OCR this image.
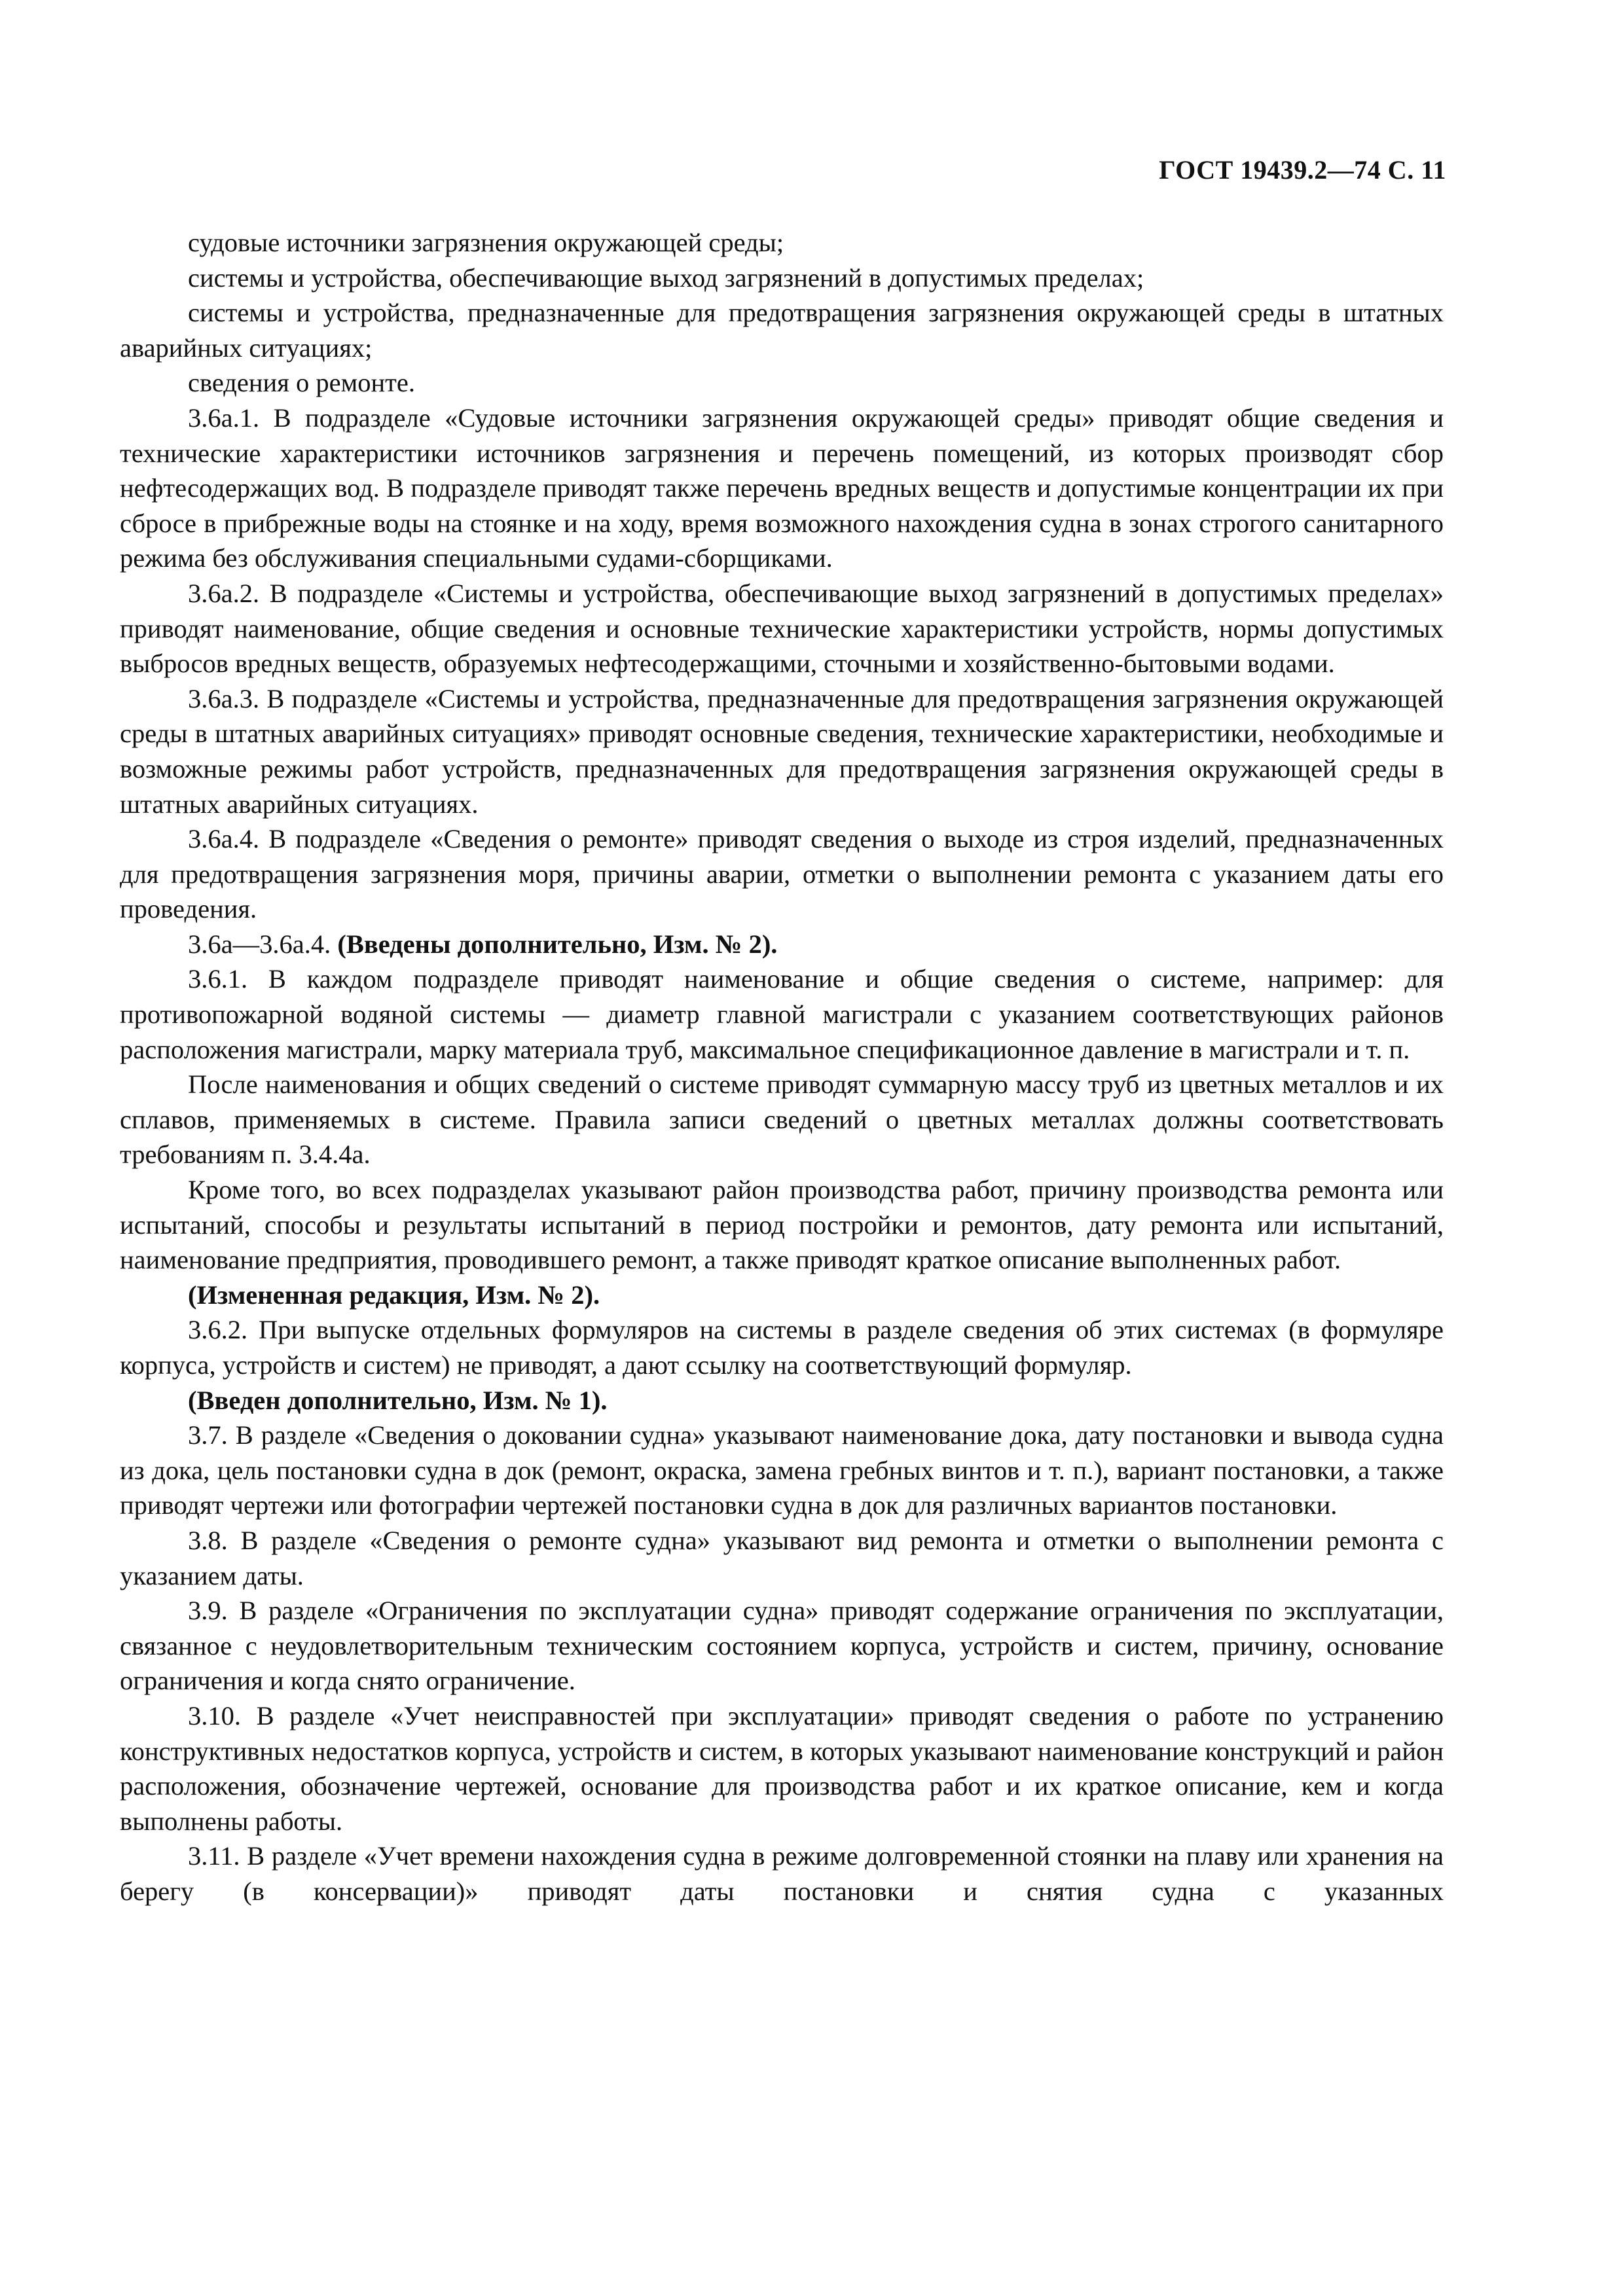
ГОСТ 19439.2—74 С. 11

судовые источники загрязнения окружающей среды;

системы и устройства, обеспечивающие выход загрязнений в допустимых пределах;

системы и устройства, предназначенные для предотвращения загрязнения окружающей среды в штатных аварийных ситуациях;

сведения о ремонте.

3.6а.1. В подразделе «Судовые источники загрязнения окружающей среды» приводят общие сведения и технические характеристики источников загрязнения и перечень помещений, из которых производят сбор нефтесодержащих вод. В подразделе приводят также перечень вредных веществ и допустимые концентрации их при сбросе в прибрежные воды на стоянке и на ходу, время возможного нахождения судна в зонах строгого санитарного режима без обслуживания специальными судами-сборщиками.

3.6а.2. В подразделе «Системы и устройства, обеспечивающие выход загрязнений в допустимых пределах» приводят наименование, общие сведения и основные технические характеристики устройств, нормы допустимых выбросов вредных веществ, образуемых нефтесодержащими, сточными и хозяйственно-бытовыми водами.

3.6а.3. В подразделе «Системы и устройства, предназначенные для предотвращения загрязнения окружающей среды в штатных аварийных ситуациях» приводят основные сведения, технические характеристики, необходимые и возможные режимы работ устройств, предназначенных для предотвращения загрязнения окружающей среды в штатных аварийных ситуациях.

3.6а.4. В подразделе «Сведения о ремонте» приводят сведения о выходе из строя изделий, предназначенных для предотвращения загрязнения моря, причины аварии, отметки о выполнении ремонта с указанием даты его проведения.

3.6а—3.6а.4. (Введены дополнительно, Изм. № 2).

3.6.1. В каждом подразделе приводят наименование и общие сведения о системе, например: для противопожарной водяной системы — диаметр главной магистрали с указанием соответствующих районов расположения магистрали, марку материала труб, максимальное спецификационное давление в магистрали и т. п.

После наименования и общих сведений о системе приводят суммарную массу труб из цветных металлов и их сплавов, применяемых в системе. Правила записи сведений о цветных металлах должны соответствовать требованиям п. 3.4.4а.

Кроме того, во всех подразделах указывают район производства работ, причину производства ремонта или испытаний, способы и результаты испытаний в период постройки и ремонтов, дату ремонта или испытаний, наименование предприятия, проводившего ремонт, а также приводят краткое описание выполненных работ.

(Измененная редакция, Изм. № 2).

3.6.2. При выпуске отдельных формуляров на системы в разделе сведения об этих системах (в формуляре корпуса, устройств и систем) не приводят, а дают ссылку на соответствующий формуляр.

(Введен дополнительно, Изм. № 1).

3.7. В разделе «Сведения о доковании судна» указывают наименование дока, дату постановки и вывода судна из дока, цель постановки судна в док (ремонт, окраска, замена гребных винтов и т. п.), вариант постановки, а также приводят чертежи или фотографии чертежей постановки судна в док для различных вариантов постановки.

3.8. В разделе «Сведения о ремонте судна» указывают вид ремонта и отметки о выполнении ремонта с указанием даты.

3.9. В разделе «Ограничения по эксплуатации судна» приводят содержание ограничения по эксплуатации, связанное с неудовлетворительным техническим состоянием корпуса, устройств и систем, причину, основание ограничения и когда снято ограничение.

3.10. В разделе «Учет неисправностей при эксплуатации» приводят сведения о работе по устранению конструктивных недостатков корпуса, устройств и систем, в которых указывают наименование конструкций и район расположения, обозначение чертежей, основание для производства работ и их краткое описание, кем и когда выполнены работы.

3.11. В разделе «Учет времени нахождения судна в режиме долговременной стоянки на плаву или хранения на берегу (в консервации)» приводят даты постановки и снятия судна с указанных
